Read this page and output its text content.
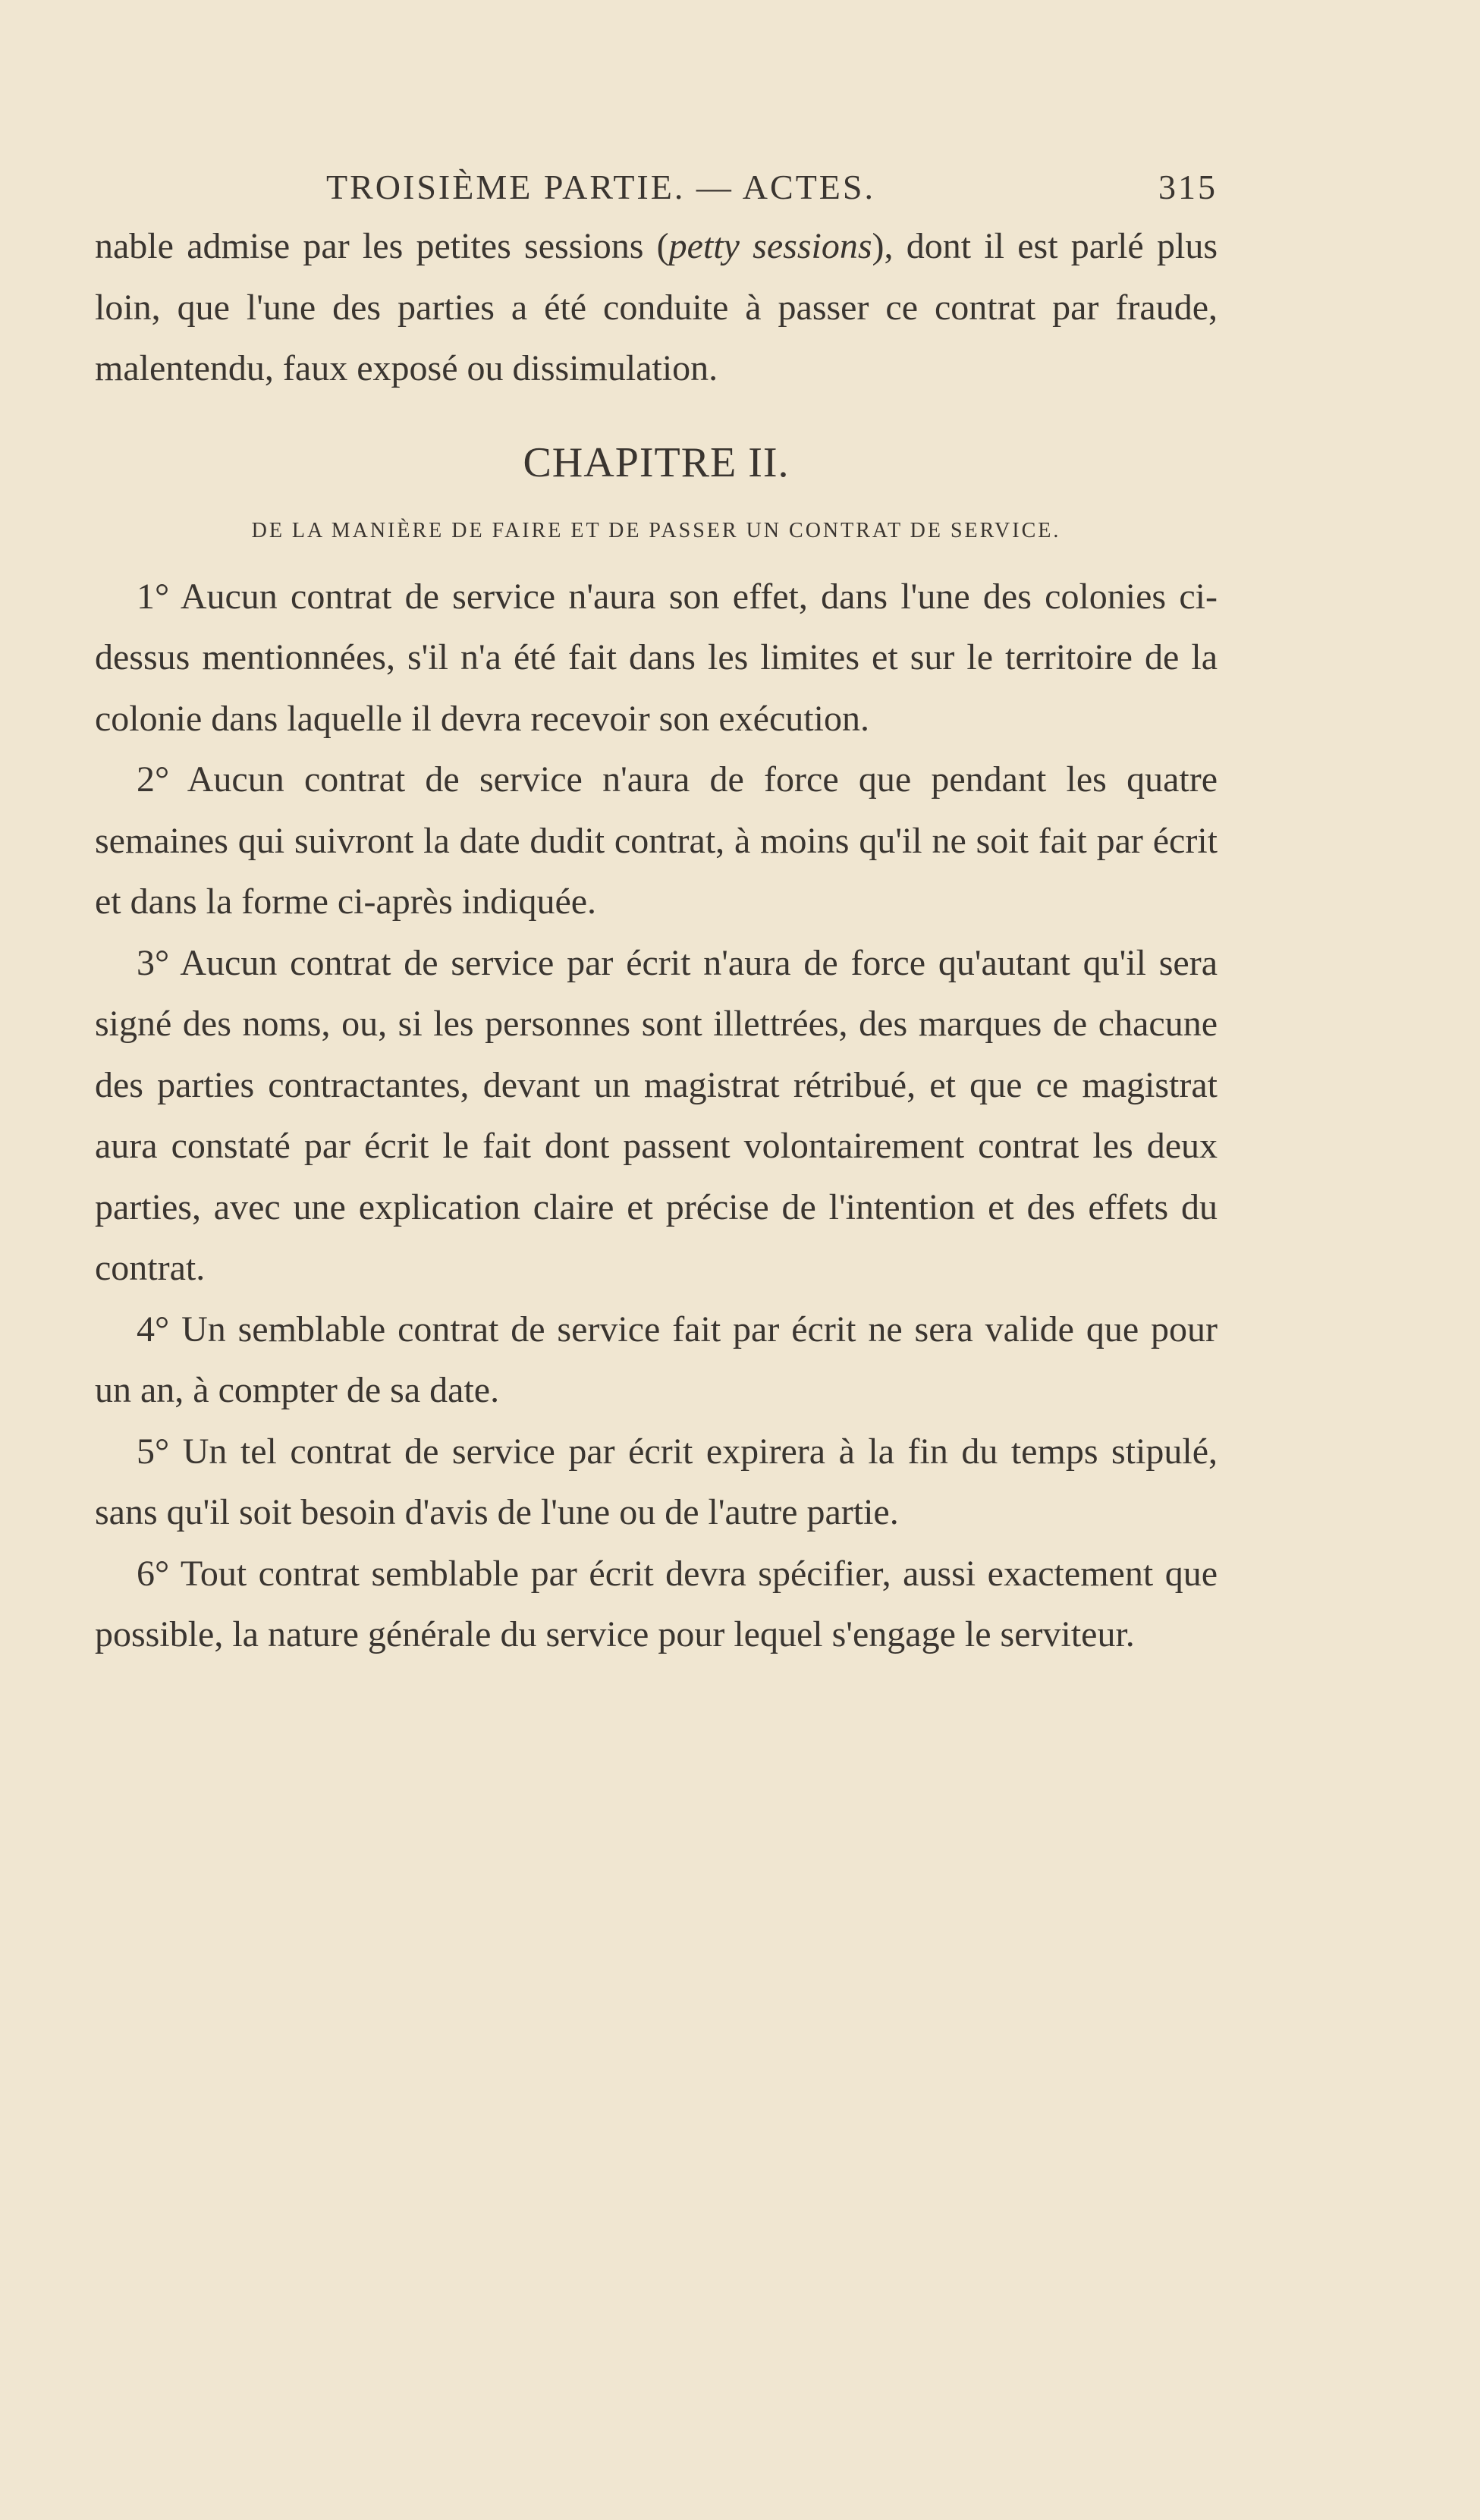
TROISIÈME PARTIE. — ACTES.	315

nable admise par les petites sessions (petty sessions), dont il est parlé plus loin, que l'une des parties a été conduite à passer ce contrat par fraude, malentendu, faux exposé ou dissimulation.

CHAPITRE II.
DE LA MANIÈRE DE FAIRE ET DE PASSER UN CONTRAT DE SERVICE.

1° Aucun contrat de service n'aura son effet, dans l'une des colonies ci-dessus mentionnées, s'il n'a été fait dans les limites et sur le territoire de la colonie dans laquelle il devra recevoir son exécution.

2° Aucun contrat de service n'aura de force que pendant les quatre semaines qui suivront la date dudit contrat, à moins qu'il ne soit fait par écrit et dans la forme ci-après indiquée.

3° Aucun contrat de service par écrit n'aura de force qu'autant qu'il sera signé des noms, ou, si les personnes sont illettrées, des marques de chacune des parties contractantes, devant un magistrat rétribué, et que ce magistrat aura constaté par écrit le fait dont passent volontairement contrat les deux parties, avec une explication claire et précise de l'intention et des effets du contrat.

4° Un semblable contrat de service fait par écrit ne sera valide que pour un an, à compter de sa date.

5° Un tel contrat de service par écrit expirera à la fin du temps stipulé, sans qu'il soit besoin d'avis de l'une ou de l'autre partie.

6° Tout contrat semblable par écrit devra spécifier, aussi exactement que possible, la nature générale du service pour lequel s'engage le serviteur.
